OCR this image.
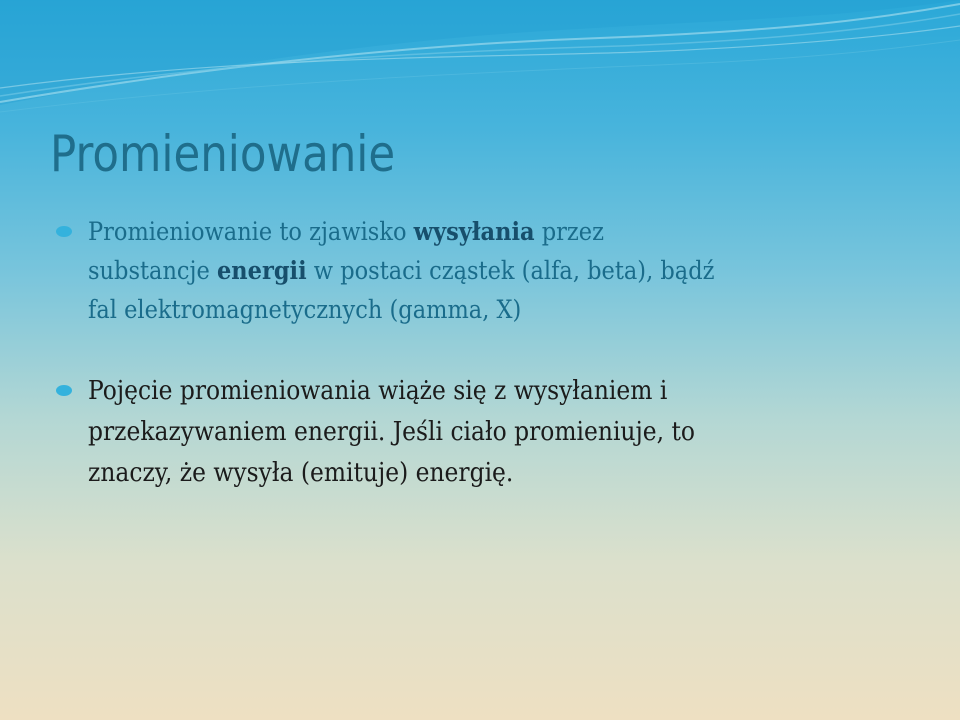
Promieniowanie
Promieniowanie to zjawisko wysyłania przez
substancje energii w postaci cząstek (alfa, beta), bądź
fal elektromagnetycznych (gamma, X)
Pojęcie promieniowania wiąże się z wysyłaniem i
przekazywaniem energii. Jeśli ciało promieniuje, to
znaczy, że wysyła (emituje) energię.
